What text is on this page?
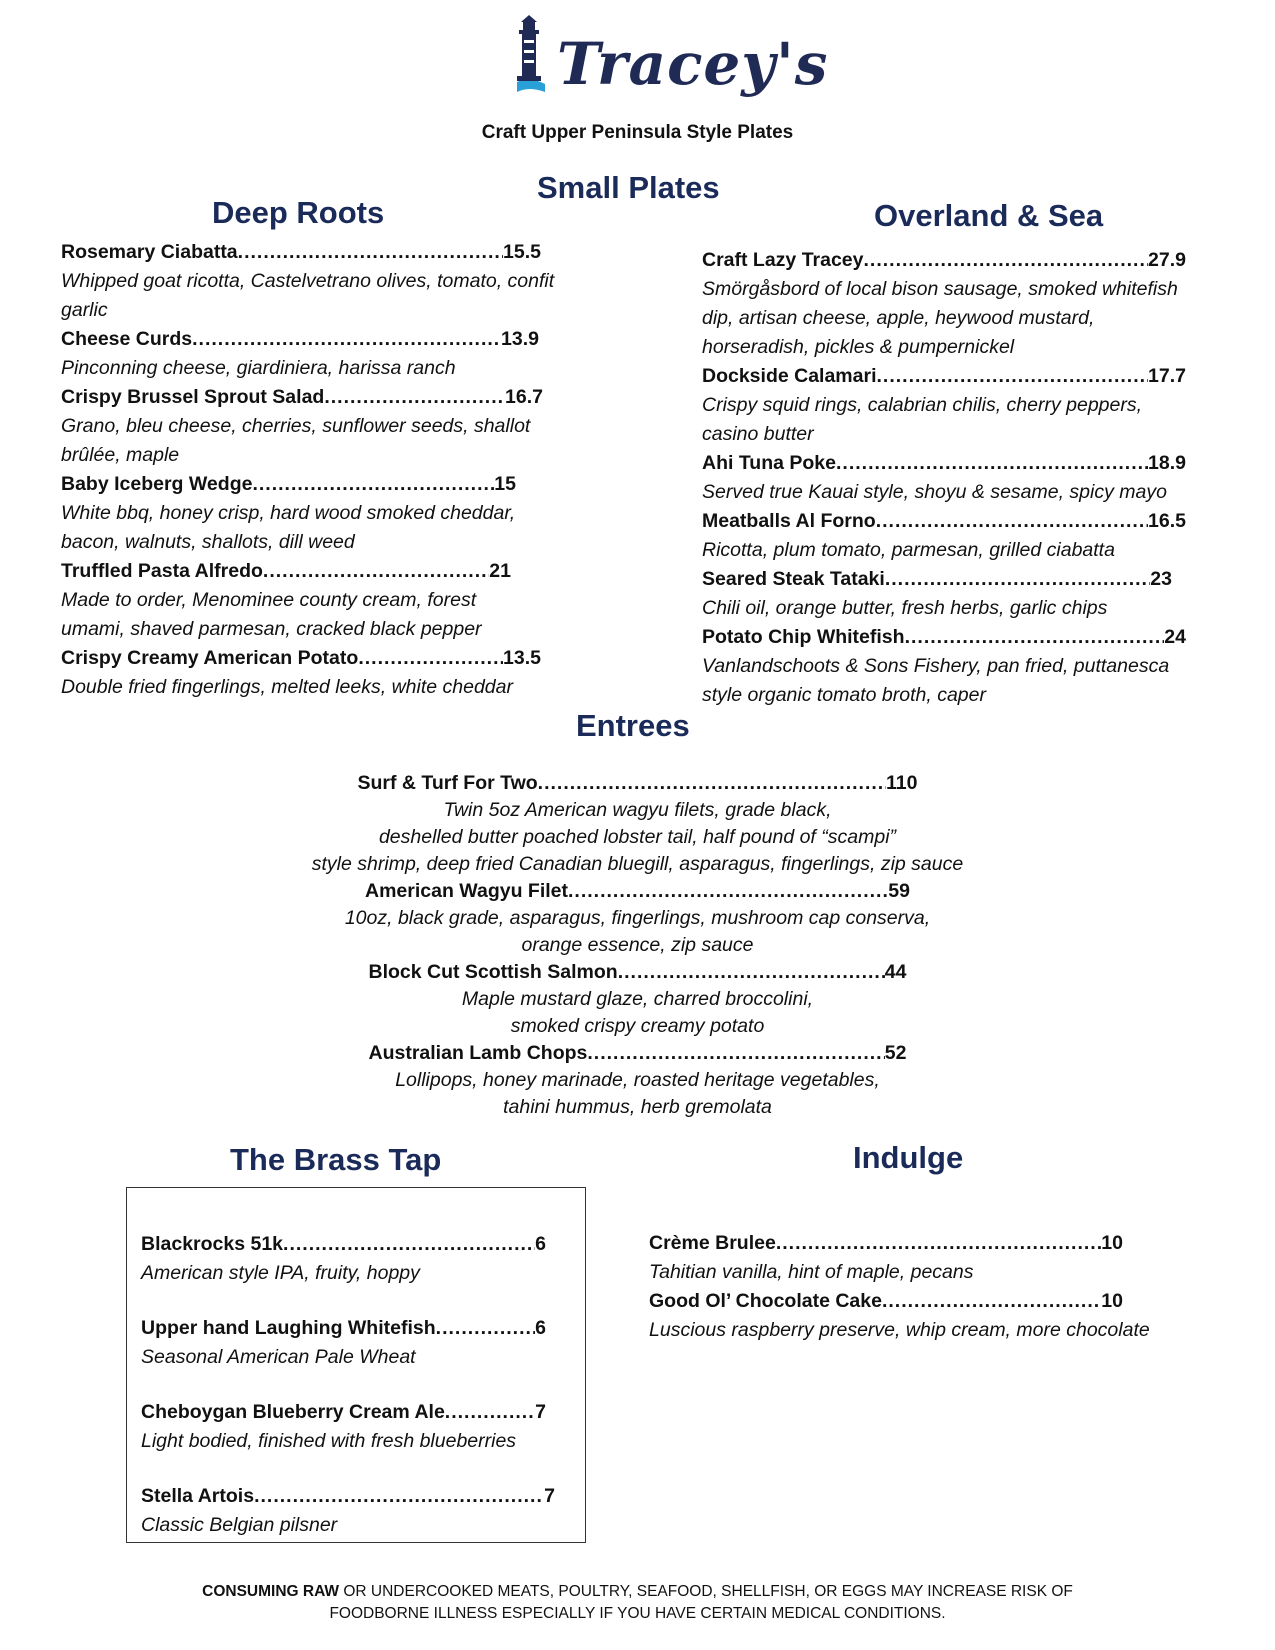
Tracey's
Craft Upper Peninsula Style Plates
Small Plates
Deep Roots	Overland & Sea
Rosemary Ciabatta .....	15.5
Whipped goat ricotta, Castelvetrano olives, tomato, confit garlic
Cheese Curds .....	13.9
Pinconning cheese, giardiniera, harissa ranch
Crispy Brussel Sprout Salad .....	16.7
Grano, bleu cheese, cherries, sunflower seeds, shallot brûlée, maple
Baby Iceberg Wedge .....	15
White bbq, honey crisp, hard wood smoked cheddar, bacon, walnuts, shallots, dill weed
Truffled Pasta Alfredo .....	21
Made to order, Menominee county cream, forest umami, shaved parmesan, cracked black pepper
Crispy Creamy American Potato .....	13.5
Double fried fingerlings, melted leeks, white cheddar
Craft Lazy Tracey .....	27.9
Smörgåsbord of local bison sausage, smoked whitefish dip, artisan cheese, apple, heywood mustard, horseradish, pickles & pumpernickel
Dockside Calamari .....	17.7
Crispy squid rings, calabrian chilis, cherry peppers, casino butter
Ahi Tuna Poke .....	18.9
Served true Kauai style, shoyu & sesame, spicy mayo
Meatballs Al Forno .....	16.5
Ricotta, plum tomato, parmesan, grilled ciabatta
Seared Steak Tataki .....	23
Chili oil, orange butter, fresh herbs, garlic chips
Potato Chip Whitefish .....	24
Vanlandschoots & Sons Fishery, pan fried, puttanesca style organic tomato broth, caper
Entrees
Surf & Turf For Two .....	110
Twin 5oz American wagyu filets, grade black,
deshelled butter poached lobster tail, half pound of “scampi”
style shrimp, deep fried Canadian bluegill, asparagus, fingerlings, zip sauce
American Wagyu Filet .....	59
10oz, black grade, asparagus, fingerlings, mushroom cap conserva,
orange essence, zip sauce
Block Cut Scottish Salmon .....	44
Maple mustard glaze, charred broccolini,
smoked crispy creamy potato
Australian Lamb Chops .....	52
Lollipops, honey marinade, roasted heritage vegetables,
tahini hummus, herb gremolata
The Brass Tap
Blackrocks 51k .....	6
American style IPA, fruity, hoppy
Upper hand Laughing Whitefish .....	6
Seasonal American Pale Wheat
Cheboygan Blueberry Cream Ale .....	7
Light bodied, finished with fresh blueberries
Stella Artois .....	7
Classic Belgian pilsner
Indulge
Crème Brulee .....	10
Tahitian vanilla, hint of maple, pecans
Good Ol’ Chocolate Cake .....	10
Luscious raspberry preserve, whip cream, more chocolate
CONSUMING RAW OR UNDERCOOKED MEATS, POULTRY, SEAFOOD, SHELLFISH, OR EGGS MAY INCREASE RISK OF
FOODBORNE ILLNESS ESPECIALLY IF YOU HAVE CERTAIN MEDICAL CONDITIONS.
